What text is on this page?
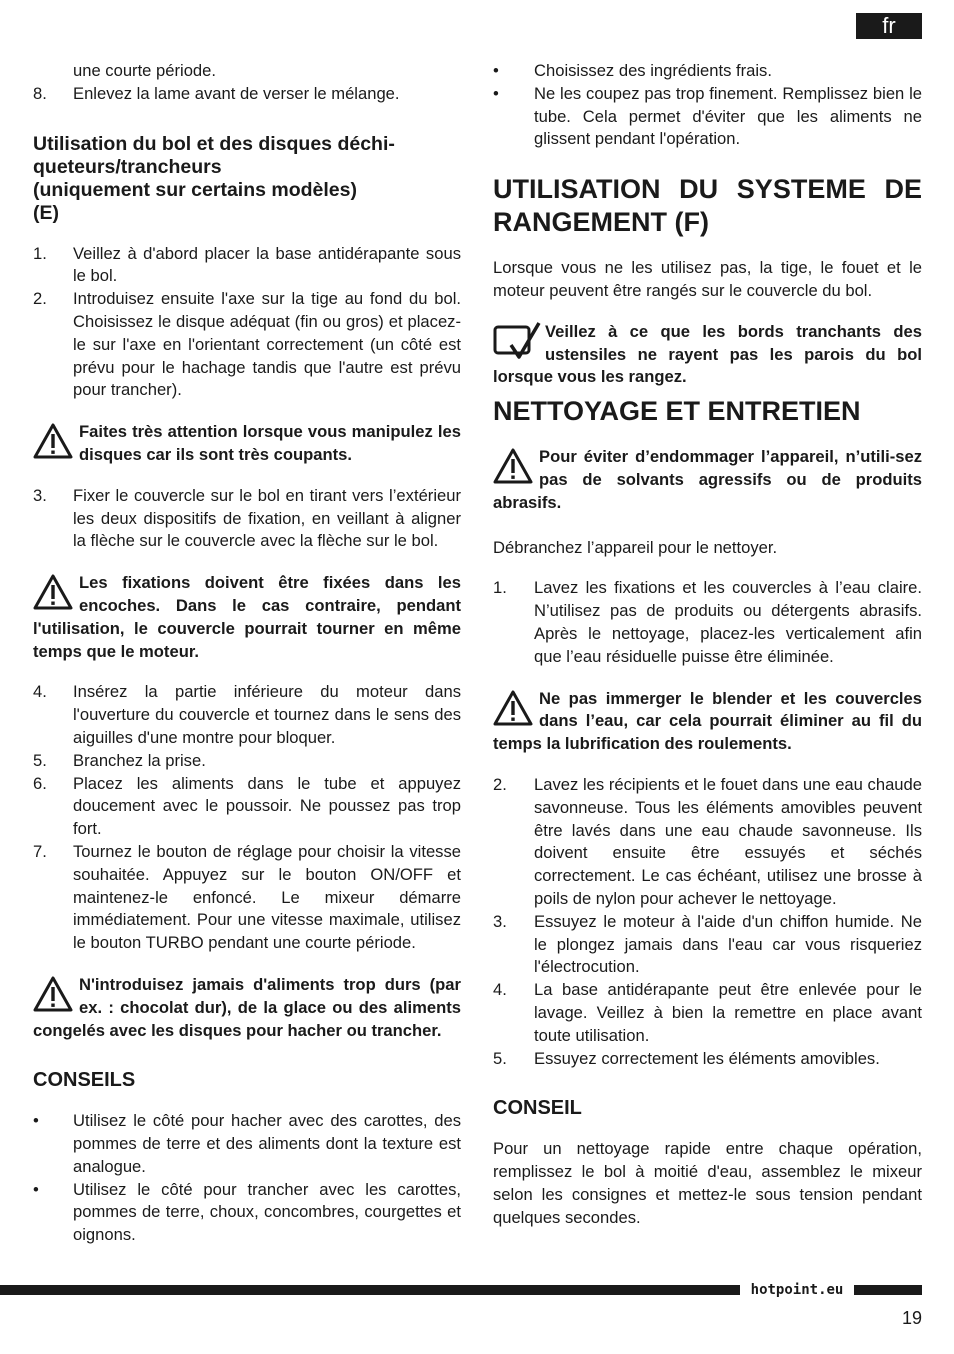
fr

une courte période.

8. Enlevez la lame avant de verser le mélange.
Utilisation du bol et des disques déchi-
queteurs/trancheurs
(uniquement sur certains modèles)
(E)
1. Veillez à d'abord placer la base antidérapante sous le bol.
2. Introduisez ensuite l'axe sur la tige au fond du bol. Choisissez le disque adéquat (fin ou gros) et placez-le sur l'axe en l'orientant correctement (un côté est prévu pour le hachage tandis que l'autre est prévu pour trancher).

Faites très attention lorsque vous manipulez les disques car ils sont très coupants.

3. Fixer le couvercle sur le bol en tirant vers l’extérieur les deux dispositifs de fixation, en veillant à aligner la flèche sur le couvercle avec la flèche sur le bol.

Les fixations doivent être fixées dans les encoches. Dans le cas contraire, pendant l'utilisation, le couvercle pourrait tourner en même temps que le moteur.

4. Insérez la partie inférieure du moteur dans l'ouverture du couvercle et tournez dans le sens des aiguilles d'une montre pour bloquer.
5. Branchez la prise.
6. Placez les aliments dans le tube et appuyez doucement avec le poussoir. Ne poussez pas trop fort.
7. Tournez le bouton de réglage pour choisir la vitesse souhaitée. Appuyez sur le bouton ON/OFF et maintenez-le enfoncé. Le mixeur démarre immédiatement. Pour une vitesse maximale, utilisez le bouton TURBO pendant une courte période.

N'introduisez jamais d'aliments trop durs (par ex. : chocolat dur), de la glace ou des aliments congelés avec les disques pour hacher ou trancher.

CONSEILS
• Utilisez le côté pour hacher avec des carottes, des pommes de terre et des aliments dont la texture est analogue.
• Utilisez le côté pour trancher avec les carottes, pommes de terre, choux, concombres, courgettes et oignons.
• Choisissez des ingrédients frais.
• Ne les coupez pas trop finement. Remplissez bien le tube. Cela permet d'éviter que les aliments ne glissent pendant l'opération.
UTILISATION DU SYSTEME DE RANGEMENT (F)

Lorsque vous ne les utilisez pas, la tige, le fouet et le moteur peuvent être rangés sur le couvercle du bol.

Veillez à ce que les bords tranchants des ustensiles ne rayent pas les parois du bol lorsque vous les rangez.

NETTOYAGE ET ENTRETIEN

Pour éviter d’endommager l’appareil, n’utili-sez pas de solvants agressifs ou de produits abrasifs.

Débranchez l’appareil pour le nettoyer.

1. Lavez les fixations et les couvercles à l’eau claire. N’utilisez pas de produits ou détergents abrasifs. Après le nettoyage, placez-les verticalement afin que l’eau résiduelle puisse être éliminée.

Ne pas immerger le blender et les couvercles dans l’eau, car cela pourrait éliminer au fil du temps la lubrification des roulements.

2. Lavez les récipients et le fouet dans une eau chaude savonneuse. Tous les éléments amovibles peuvent être lavés dans une eau chaude savonneuse. Ils doivent ensuite être essuyés et séchés correctement. Le cas échéant, utilisez une brosse à poils de nylon pour achever le nettoyage.
3. Essuyez le moteur à l'aide d'un chiffon humide. Ne le plongez jamais dans l'eau car vous risqueriez l'électrocution.
4. La base antidérapante peut être enlevée pour le lavage. Veillez à bien la remettre en place avant toute utilisation.
5. Essuyez correctement les éléments amovibles.
CONSEIL

Pour un nettoyage rapide entre chaque opération, remplissez le bol à moitié d'eau, assemblez le mixeur selon les consignes et mettez-le sous tension pendant quelques secondes.

hotpoint.eu
19
